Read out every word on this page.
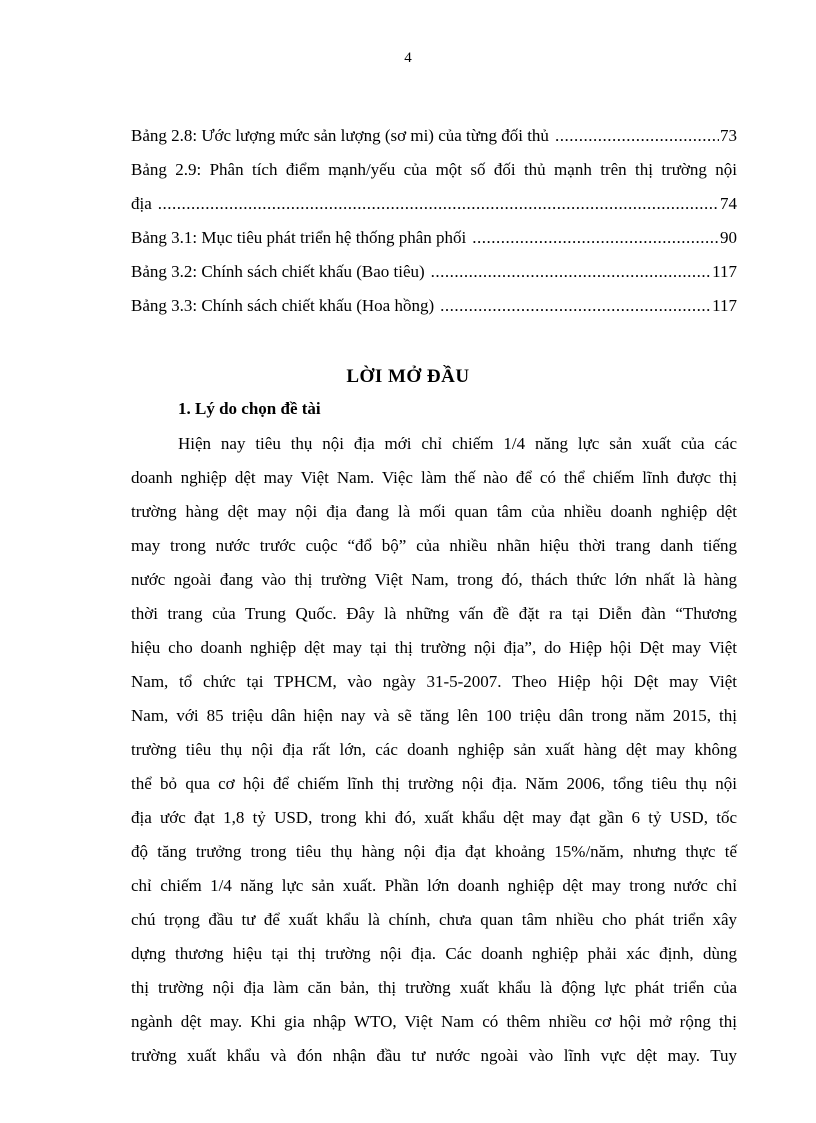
4
Bảng 2.8: Ước lượng mức sản lượng (sơ mi) của từng đối thủ .....	73
Bảng 2.9: Phân tích điểm mạnh/yếu của một số đối thủ mạnh trên thị trường nội
địa .....	74
Bảng 3.1: Mục tiêu phát triển hệ thống phân phối .....	90
Bảng 3.2: Chính sách chiết khấu (Bao tiêu) .....	117
Bảng 3.3: Chính sách chiết khấu (Hoa hồng) .....	117
LỜI MỞ ĐẦU
1. Lý do chọn đề tài
Hiện nay tiêu thụ nội địa mới chỉ chiếm 1/4 năng lực sản xuất của các
doanh nghiệp dệt may Việt Nam. Việc làm thế nào để có thể chiếm lĩnh được thị
trường hàng dệt may nội địa đang là mối quan tâm của nhiều doanh nghiệp dệt
may trong nước trước cuộc “đổ bộ” của nhiều nhãn hiệu thời trang danh tiếng
nước ngoài đang vào thị trường Việt Nam, trong đó, thách thức lớn nhất là hàng
thời trang của Trung Quốc. Đây là những vấn đề đặt ra tại Diễn đàn “Thương
hiệu cho doanh nghiệp dệt may tại thị trường nội địa”, do Hiệp hội Dệt may Việt
Nam, tổ chức tại TPHCM, vào ngày 31-5-2007. Theo Hiệp hội Dệt may Việt
Nam, với 85 triệu dân hiện nay và sẽ tăng lên 100 triệu dân trong năm 2015, thị
trường tiêu thụ nội địa rất lớn, các doanh nghiệp sản xuất hàng dệt may không
thể bỏ qua cơ hội để chiếm lĩnh thị trường nội địa. Năm 2006, tổng tiêu thụ nội
địa ước đạt 1,8 tỷ USD, trong khi đó, xuất khẩu dệt may đạt gần 6 tỷ USD, tốc
độ tăng trưởng trong tiêu thụ hàng nội địa đạt khoảng 15%/năm, nhưng thực tế
chỉ chiếm 1/4 năng lực sản xuất. Phần lớn doanh nghiệp dệt may trong nước chỉ
chú trọng đầu tư để xuất khẩu là chính, chưa quan tâm nhiều cho phát triển xây
dựng thương hiệu tại thị trường nội địa. Các doanh nghiệp phải xác định, dùng
thị trường nội địa làm căn bản, thị trường xuất khẩu là động lực phát triển của
ngành dệt may. Khi gia nhập WTO, Việt Nam có thêm nhiều cơ hội mở rộng thị
trường xuất khẩu và đón nhận đầu tư nước ngoài vào lĩnh vực dệt may. Tuy
